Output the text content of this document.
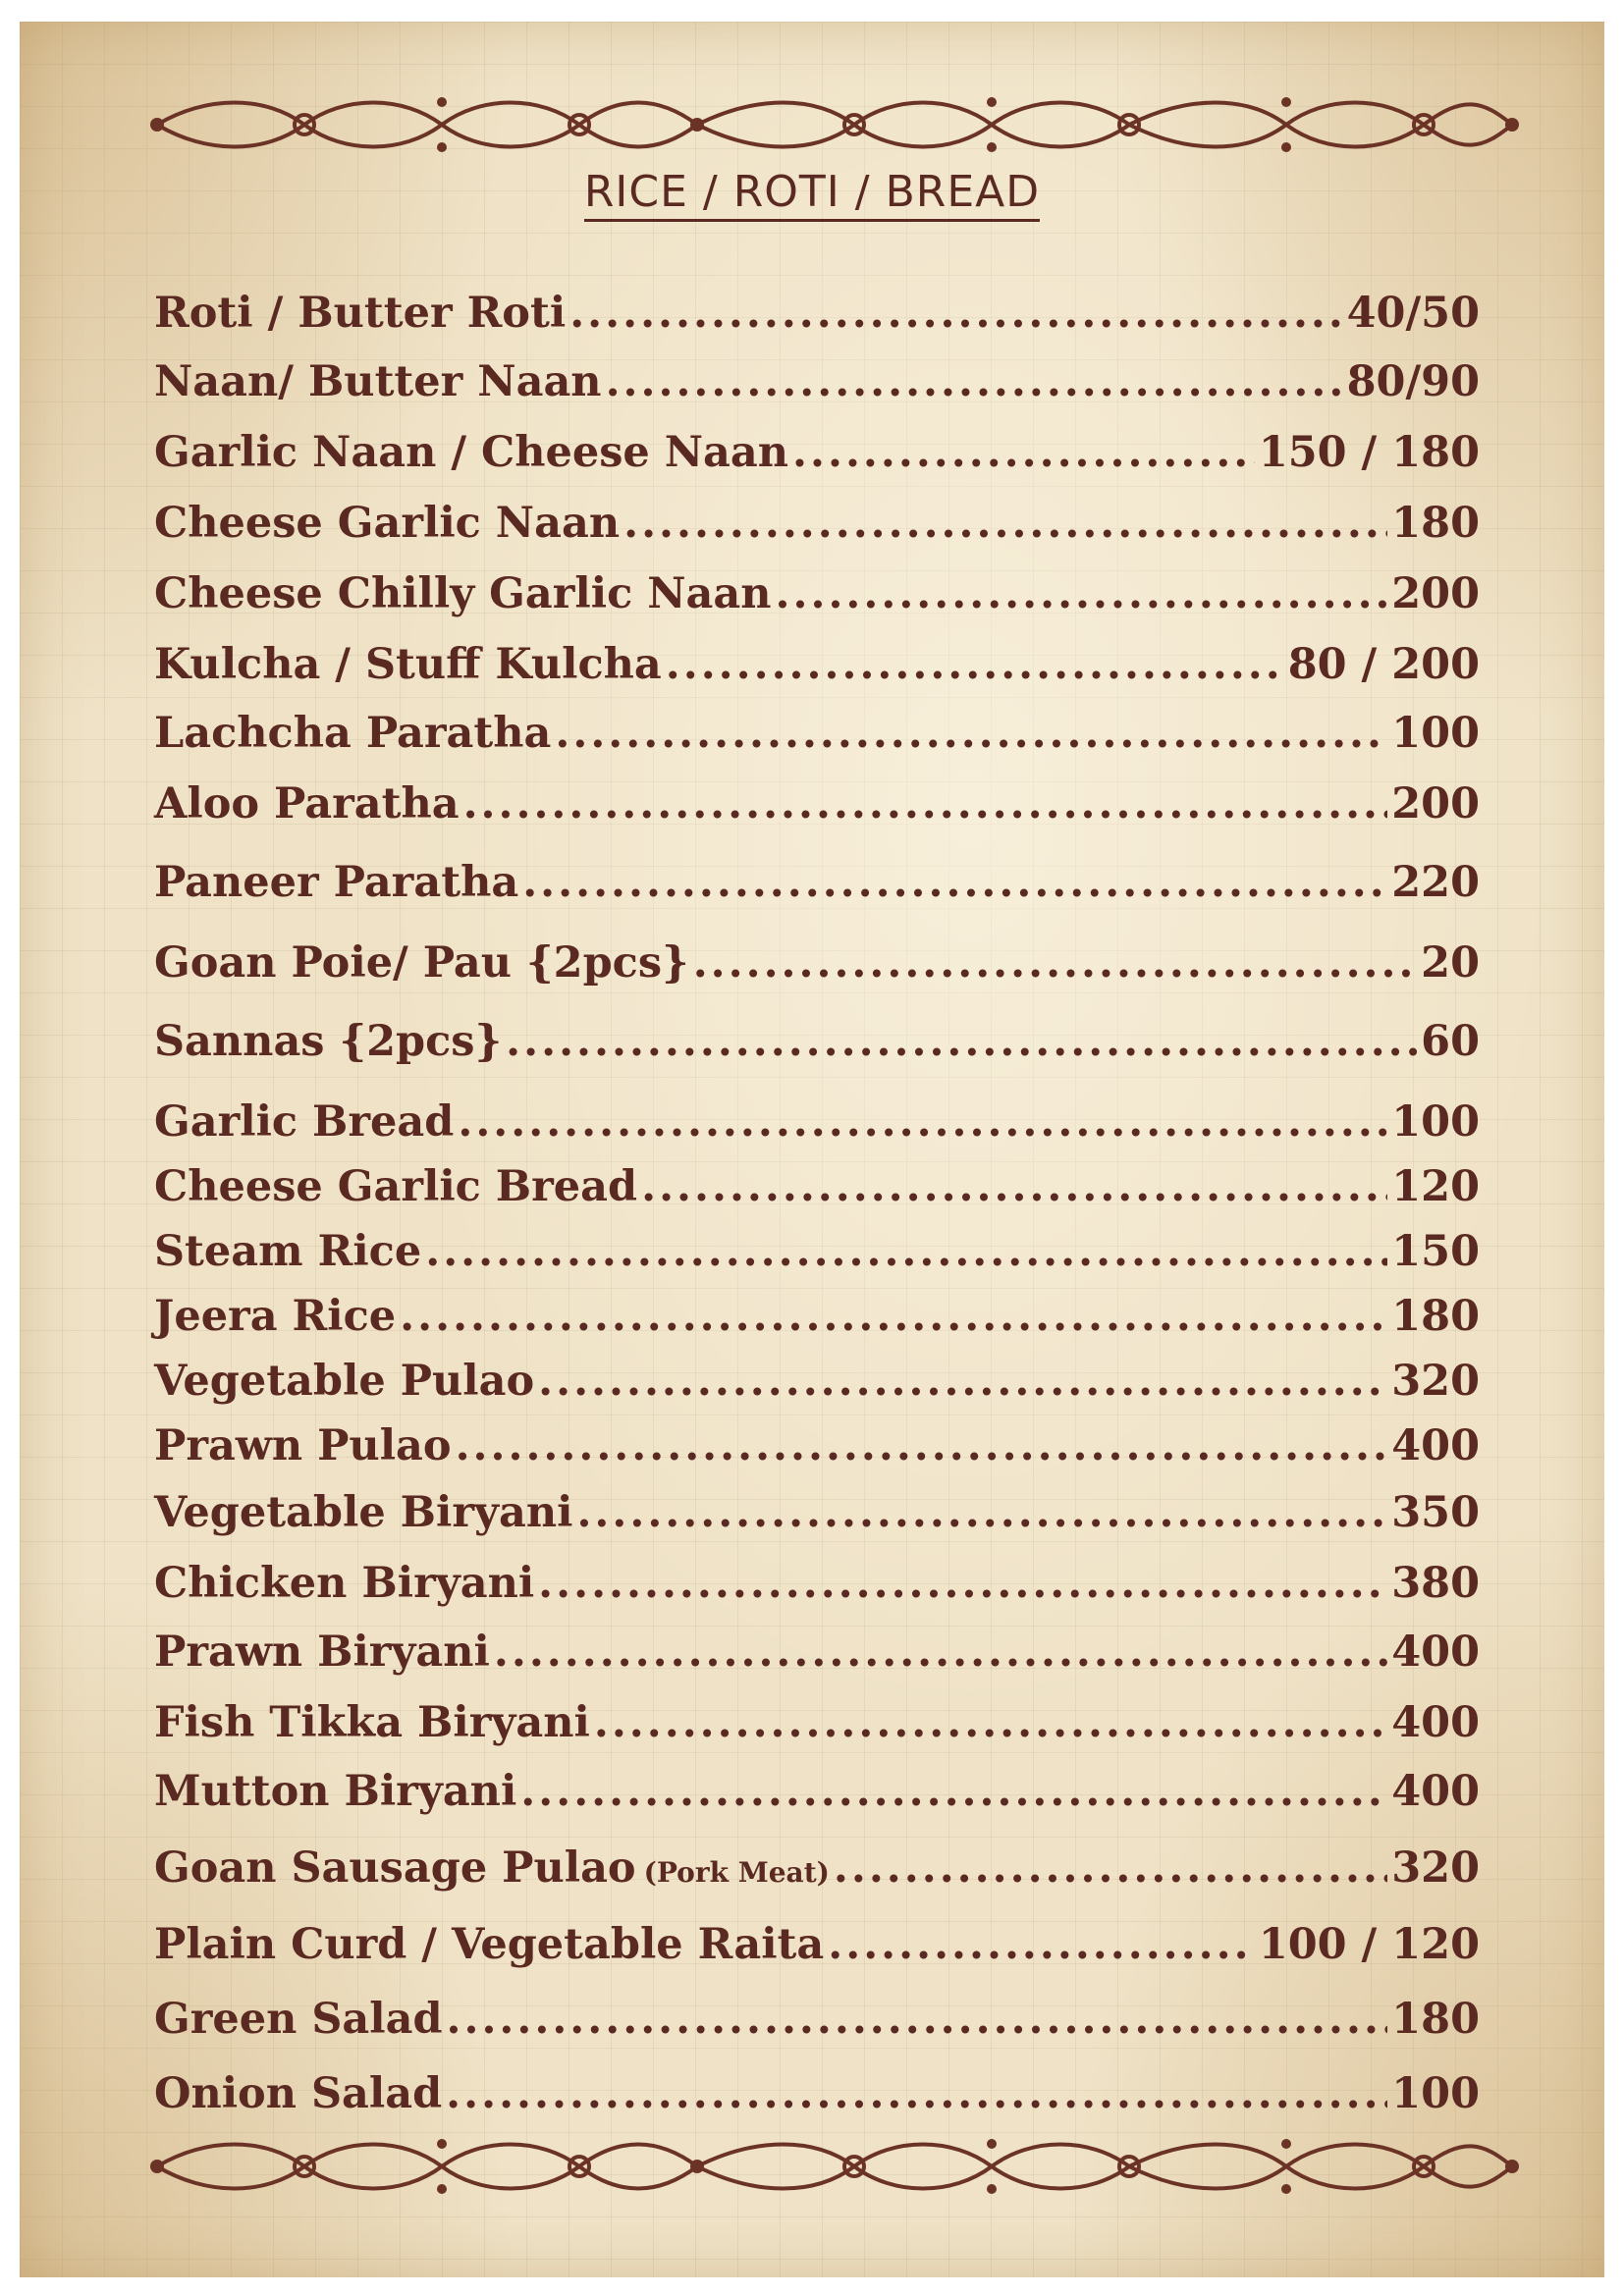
RICE / ROTI / BREAD
Roti / Butter Roti .....	40/50
Naan/ Butter Naan .....	80/90
Garlic Naan / Cheese Naan .....	150 / 180
Cheese Garlic Naan .....	180
Cheese Chilly Garlic Naan .....	200
Kulcha / Stuff Kulcha .....	80 / 200
Lachcha Paratha .....	100
Aloo Paratha .....	200
Paneer Paratha .....	220
Goan Poie/ Pau {2pcs} .....	20
Sannas {2pcs} .....	60
Garlic Bread .....	100
Cheese Garlic Bread .....	120
Steam Rice .....	150
Jeera Rice .....	180
Vegetable Pulao .....	320
Prawn Pulao .....	400
Vegetable Biryani .....	350
Chicken Biryani .....	380
Prawn Biryani .....	400
Fish Tikka Biryani .....	400
Mutton Biryani .....	400
Goan Sausage Pulao (Pork Meat) .....	320
Plain Curd / Vegetable Raita .....	100 / 120
Green Salad .....	180
Onion Salad .....	100
